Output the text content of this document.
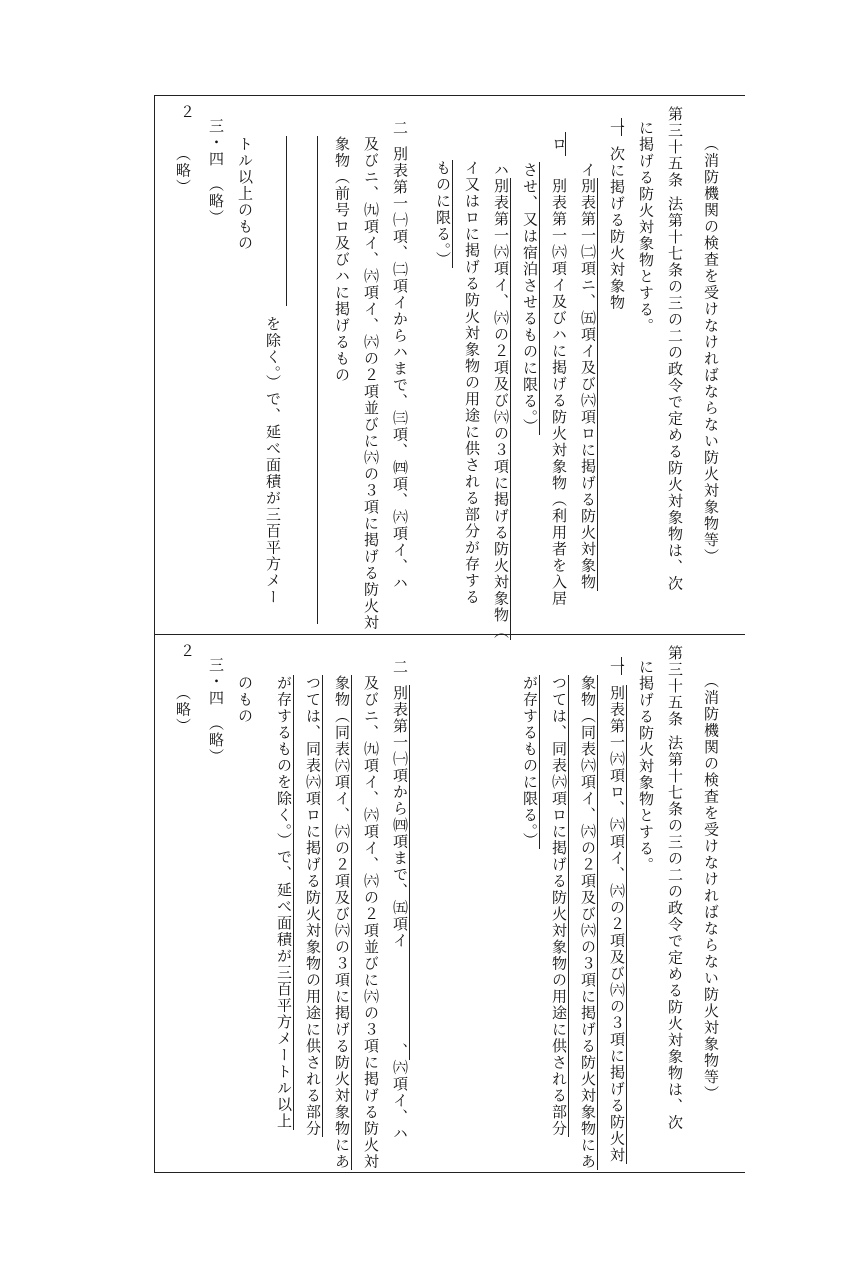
（消防機関の検査を受けなければならない防火対象物等）
第三十五条
法第十七条の三の二の政令で定める防火対象物は、次
に掲げる防火対象物とする。
一
次に掲げる防火対象物
イ
別表第一㈡項ニ、㈤項イ及び㈥項ロに掲げる防火対象物
ロ
別表第一㈥項イ及びハに掲げる防火対象物（利用者を入居
させ、又は宿泊させるものに限る。）
ハ
別表第一㈥項イ、㈥の２項及び㈥の３項に掲げる防火対象物（
イ又はロに掲げる防火対象物の用途に供される部分が存する
ものに限る。）
二
別表第一㈠項、㈡項イからハまで、㈢項、㈣項、㈥項イ、ハ
及びニ、㈨項イ、㈥項イ、㈥の２項並びに㈥の３項に掲げる防火対
象物（前号ロ及びハに掲げるもの
を除く。）で、延べ面積が三百平方メー
トル以上のもの
三・四　（略）
２
（略）
（消防機関の検査を受けなければならない防火対象物等）
第三十五条
法第十七条の三の二の政令で定める防火対象物は、次
に掲げる防火対象物とする。
一
別表第一㈥項ロ、㈥項イ、㈥の２項及び㈥の３項に掲げる防火対
象物（同表㈥項イ、㈥の２項及び㈥の３項に掲げる防火対象物にあ
つては、同表㈥項ロに掲げる防火対象物の用途に供される部分
が存するものに限る。）
二
別表第一㈠項から㈣項まで、㈤項イ
、㈥項イ、ハ
及びニ、㈨項イ、㈥項イ、㈥の２項並びに㈥の３項に掲げる防火対
象物（同表㈥項イ、㈥の２項及び㈥の３項に掲げる防火対象物にあ
つては、同表㈥項ロに掲げる防火対象物の用途に供される部分
が存するものを除く。）で、延べ面積が三百平方メートル以上
のもの
三・四　（略）
２
（略）
